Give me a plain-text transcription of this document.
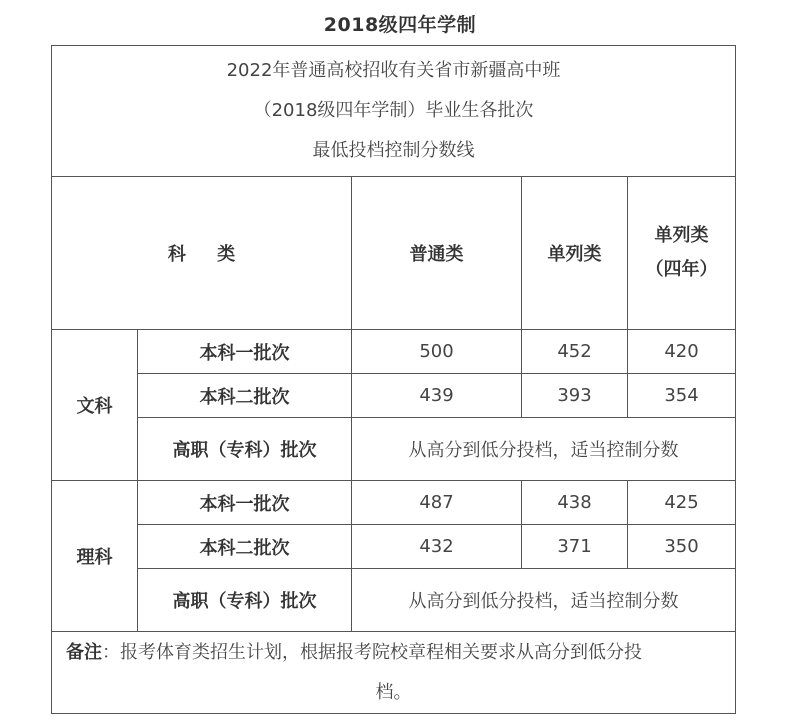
2018级四年学制
2022年普通高校招收有关省市新疆高中班
（2018级四年学制）毕业生各批次
最低投档控制分数线				

科     类		普通类	单列类	单列类
（四年）

文科	本科一批次	500	452	420
	本科二批次	439	393	354
	高职（专科）批次	从高分到低分投档，适当控制分数		
理科	本科一批次	487	438	425
	本科二批次	432	371	350
	高职（专科）批次	从高分到低分投档，适当控制分数		
备注：报考体育类招生计划，根据报考院校章程相关要求从高分到低分投
档。				
